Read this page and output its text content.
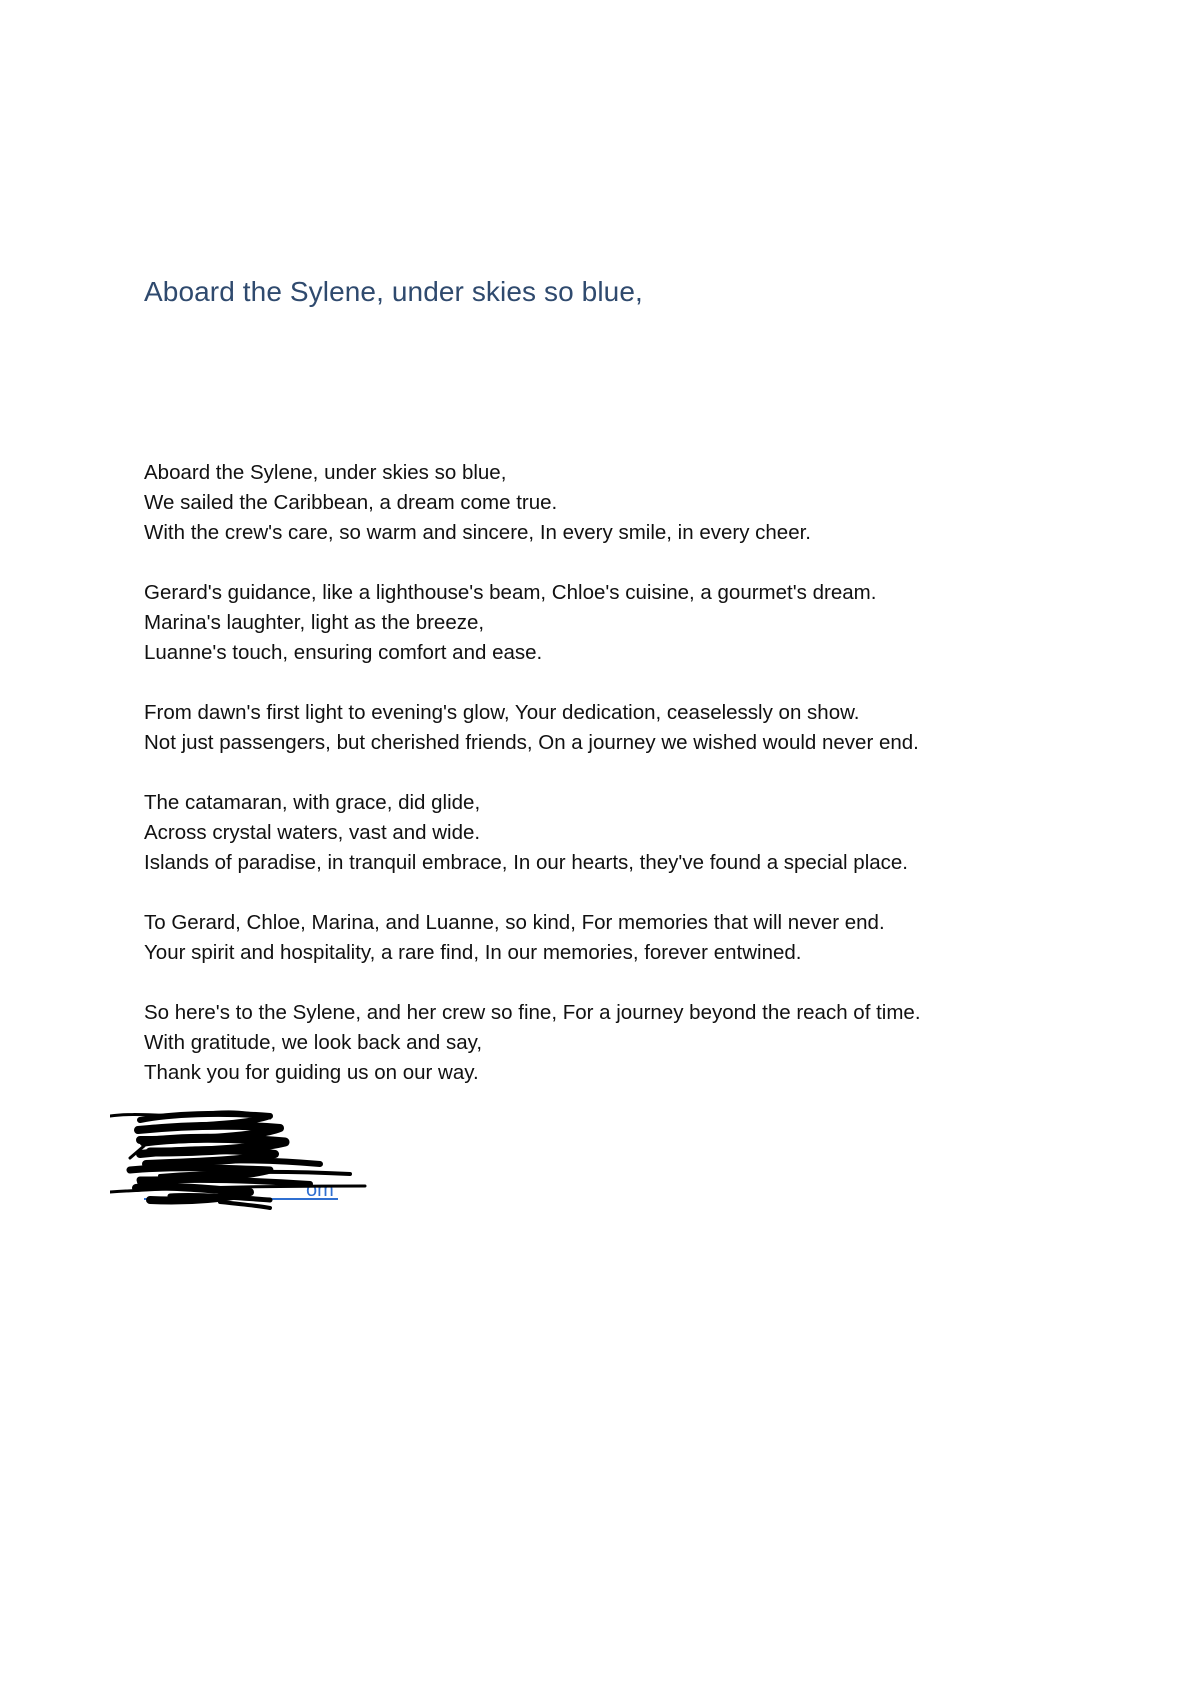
Aboard the Sylene, under skies so blue,
Aboard the Sylene, under skies so blue,
We sailed the Caribbean, a dream come true.
With the crew's care, so warm and sincere, In every smile, in every cheer.
Gerard's guidance, like a lighthouse's beam, Chloe's cuisine, a gourmet's dream.
Marina's laughter, light as the breeze,
Luanne's touch, ensuring comfort and ease.
From dawn's first light to evening's glow, Your dedication, ceaselessly on show.
Not just passengers, but cherished friends, On a journey we wished would never end.
The catamaran, with grace, did glide,
Across crystal waters, vast and wide.
Islands of paradise, in tranquil embrace, In our hearts, they've found a special place.
To Gerard, Chloe, Marina, and Luanne, so kind, For memories that will never end.
Your spirit and hospitality, a rare find, In our memories, forever entwined.
So here's to the Sylene, and her crew so fine, For a journey beyond the reach of time.
With gratitude, we look back and say,
Thank you for guiding us on our way.
om
